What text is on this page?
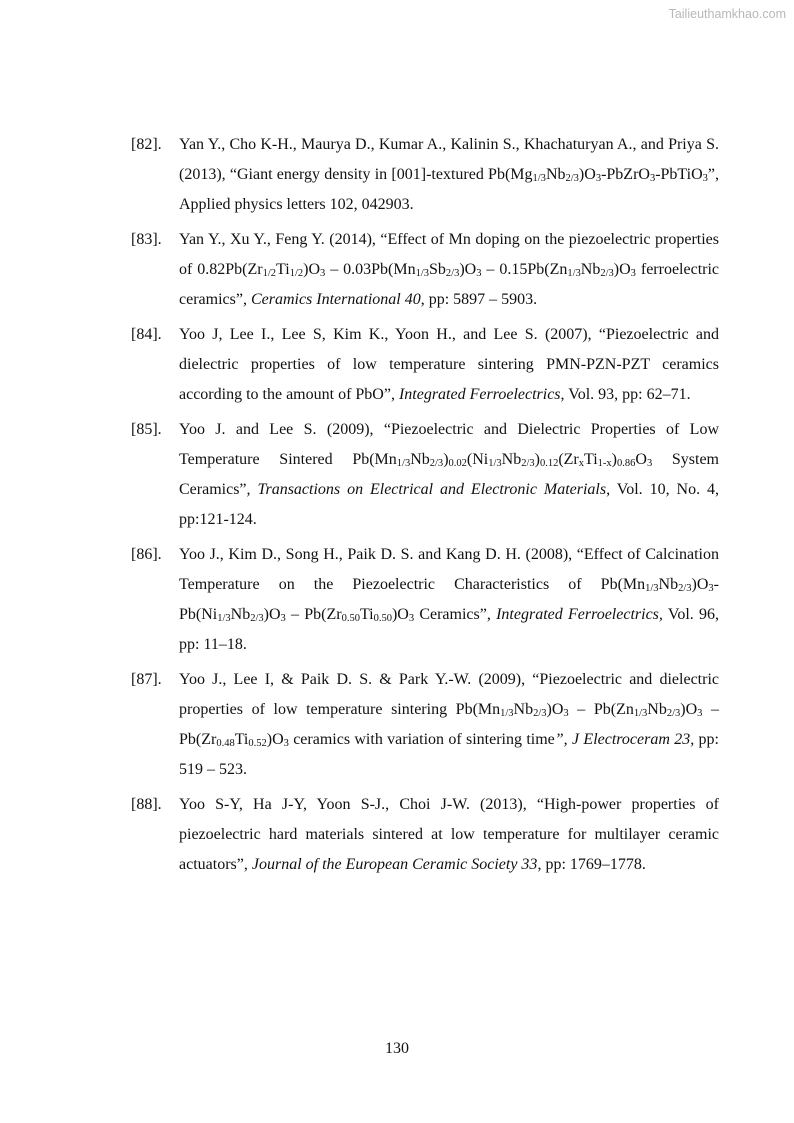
Tailieuthamkhao.com
[82].	Yan Y., Cho K-H., Maurya D., Kumar A., Kalinin S., Khachaturyan A., and Priya S. (2013), “Giant energy density in [001]-textured $Pb(Mg_{1/3}Nb_{2/3})O_3-PbZrO_3-PbTiO_3$”, Applied physics letters 102, 042903.
[83].	Yan Y., Xu Y., Feng Y. (2014), “Effect of Mn doping on the piezoelectric properties of $0.82Pb(Zr_{1/2}Ti_{1/2})O_3 - 0.03Pb(Mn_{1/3}Sb_{2/3})O_3 - 0.15Pb(Zn_{1/3}Nb_{2/3})O_3$ ferroelectric ceramics”, Ceramics International 40, pp: 5897 – 5903.
[84].	Yoo J, Lee I., Lee S, Kim K., Yoon H., and Lee S. (2007), “Piezoelectric and dielectric properties of low temperature sintering PMN-PZN-PZT ceramics according to the amount of PbO”, Integrated Ferroelectrics, Vol. 93, pp: 62–71.
[85].	Yoo J. and Lee S. (2009), “Piezoelectric and Dielectric Properties of Low Temperature Sintered $Pb(Mn_{1/3}Nb_{2/3})_{0.02}(Ni_{1/3}Nb_{2/3})_{0.12}(Zr_xTi_{1-x})_{0.86}O_3$ System Ceramics”, Transactions on Electrical and Electronic Materials, Vol. 10, No. 4, pp:121-124.
[86].	Yoo J., Kim D., Song H., Paik D. S. and Kang D. H. (2008), “Effect of Calcination Temperature on the Piezoelectric Characteristics of $Pb(Mn_{1/3}Nb_{2/3})O_3-Pb(Ni_{1/3}Nb_{2/3})O_3 - Pb(Zr_{0.50}Ti_{0.50})O_3$ Ceramics”, Integrated Ferroelectrics, Vol. 96, pp: 11–18.
[87].	Yoo J., Lee I, & Paik D. S. & Park Y.-W. (2009), “Piezoelectric and dielectric properties of low temperature sintering $Pb(Mn_{1/3}Nb_{2/3})O_3 - Pb(Zn_{1/3}Nb_{2/3})O_3 - Pb(Zr_{0.48}Ti_{0.52})O_3$ ceramics with variation of sintering time”, J Electroceram 23, pp: 519 – 523.
[88].	Yoo S-Y, Ha J-Y, Yoon S-J., Choi J-W. (2013), “High-power properties of piezoelectric hard materials sintered at low temperature for multilayer ceramic actuators”, Journal of the European Ceramic Society 33, pp: 1769–1778.
130
